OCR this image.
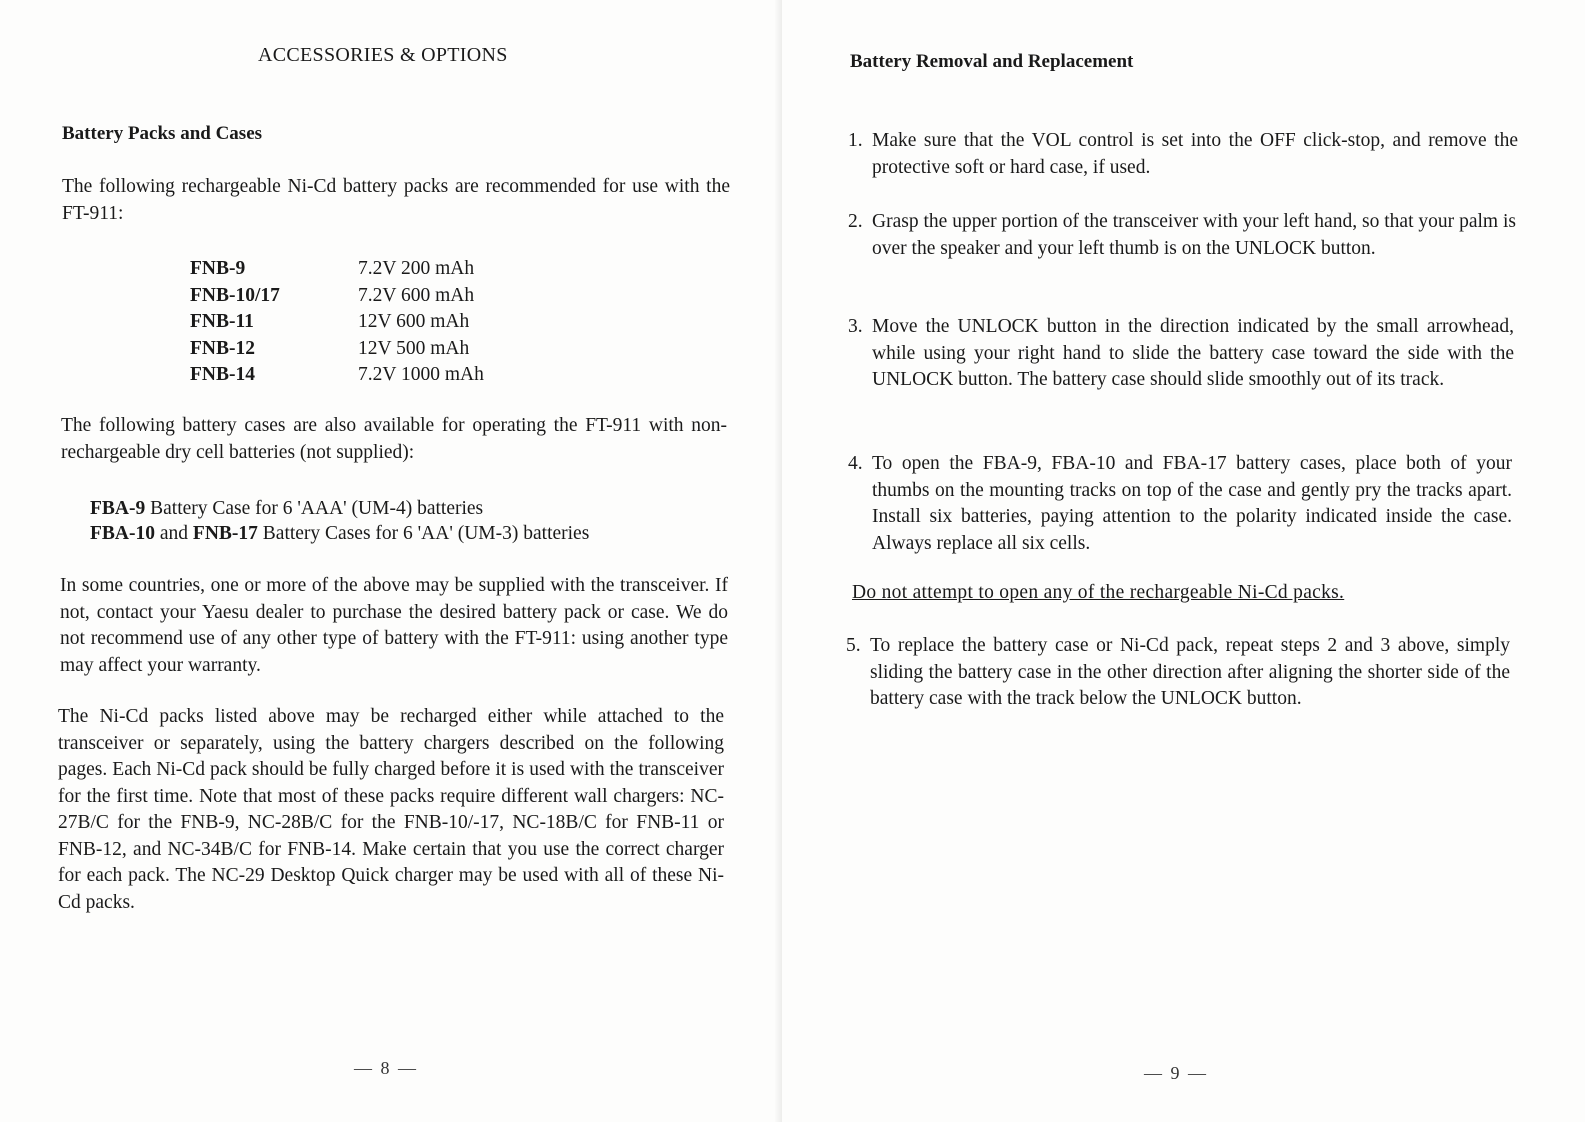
ACCESSORIES & OPTIONS
Battery Packs and Cases

The following rechargeable Ni-Cd battery packs are recommended for use with the FT-911:

FNB-9	7.2V 200 mAh
FNB-10/17	7.2V 600 mAh
FNB-11	12V 600 mAh
FNB-12	12V 500 mAh
FNB-14	7.2V 1000 mAh

The following battery cases are also available for operating the FT-911 with non-rechargeable dry cell batteries (not supplied):

FBA-9 Battery Case for 6 'AAA' (UM-4) batteries
FBA-10 and FNB-17 Battery Cases for 6 'AA' (UM-3) batteries

In some countries, one or more of the above may be supplied with the transceiver. If not, contact your Yaesu dealer to purchase the desired battery pack or case. We do not recommend use of any other type of battery with the FT-911: using another type may affect your warranty.

The Ni-Cd packs listed above may be recharged either while attached to the transceiver or separately, using the battery chargers described on the following pages. Each Ni-Cd pack should be fully charged before it is used with the transceiver for the first time. Note that most of these packs require different wall chargers: NC-27B/C for the FNB-9, NC-28B/C for the FNB-10/-17, NC-18B/C for FNB-11 or FNB-12, and NC-34B/C for FNB-14. Make certain that you use the correct charger for each pack. The NC-29 Desktop Quick charger may be used with all of these Ni-Cd packs.

— 8 —
Battery Removal and Replacement
1. Make sure that the VOL control is set into the OFF click-stop, and remove the protective soft or hard case, if used.
2. Grasp the upper portion of the transceiver with your left hand, so that your palm is over the speaker and your left thumb is on the UNLOCK button.
3. Move the UNLOCK button in the direction indicated by the small arrowhead, while using your right hand to slide the battery case toward the side with the UNLOCK button. The battery case should slide smoothly out of its track.
4. To open the FBA-9, FBA-10 and FBA-17 battery cases, place both of your thumbs on the mounting tracks on top of the case and gently pry the tracks apart. Install six batteries, paying attention to the polarity indicated inside the case. Always replace all six cells.
Do not attempt to open any of the rechargeable Ni-Cd packs.
5. To replace the battery case or Ni-Cd pack, repeat steps 2 and 3 above, simply sliding the battery case in the other direction after aligning the shorter side of the battery case with the track below the UNLOCK button.
— 9 —
